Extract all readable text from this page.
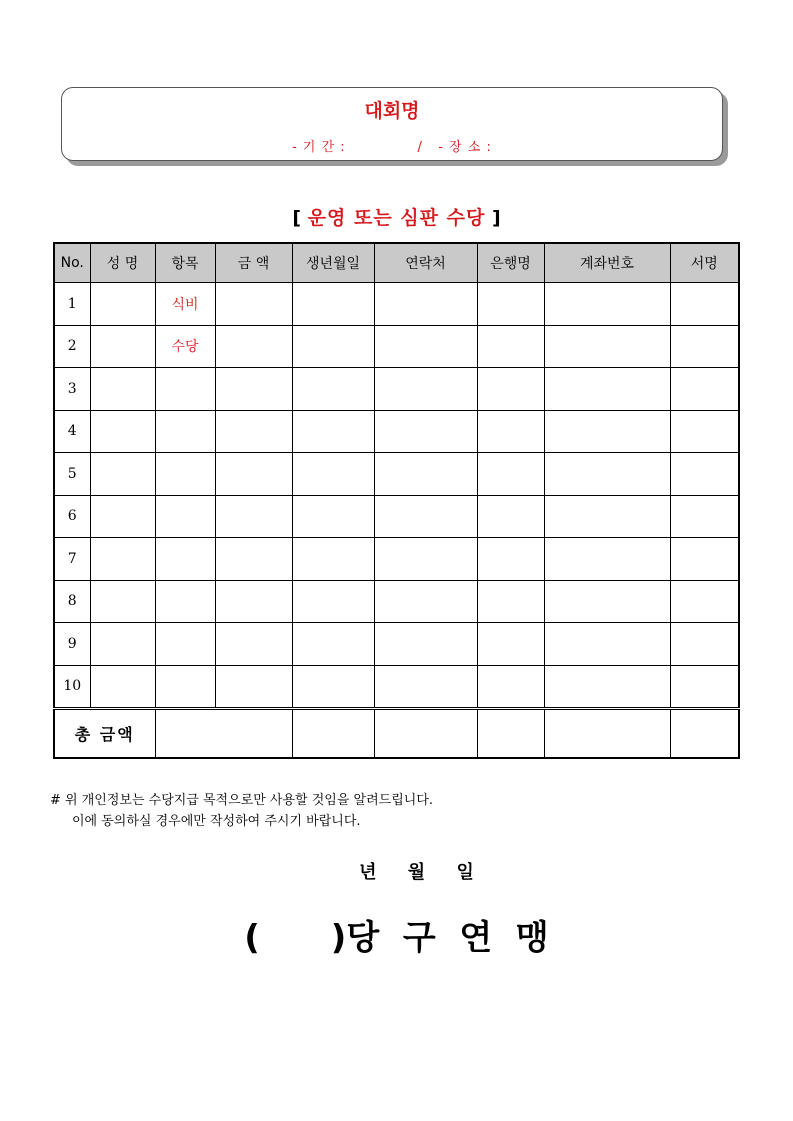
대회명
- 기 간 :              /   - 장 소 :
[ 운영 또는 심판 수당 ]
No.	성 명	항목	금 액	생년월일	연락처	은행명	계좌번호	서명
1		식비						
2		수당						
3								
4								
5								
6								
7								
8								
9								
10								
총 금액								
# 위 개인정보는 수당지급 목적으로만 사용할 것임을 알려드립니다.
이에 동의하실 경우에만 작성하여 주시기 바랍니다.
년     월     일
(      )당  구  연  맹
